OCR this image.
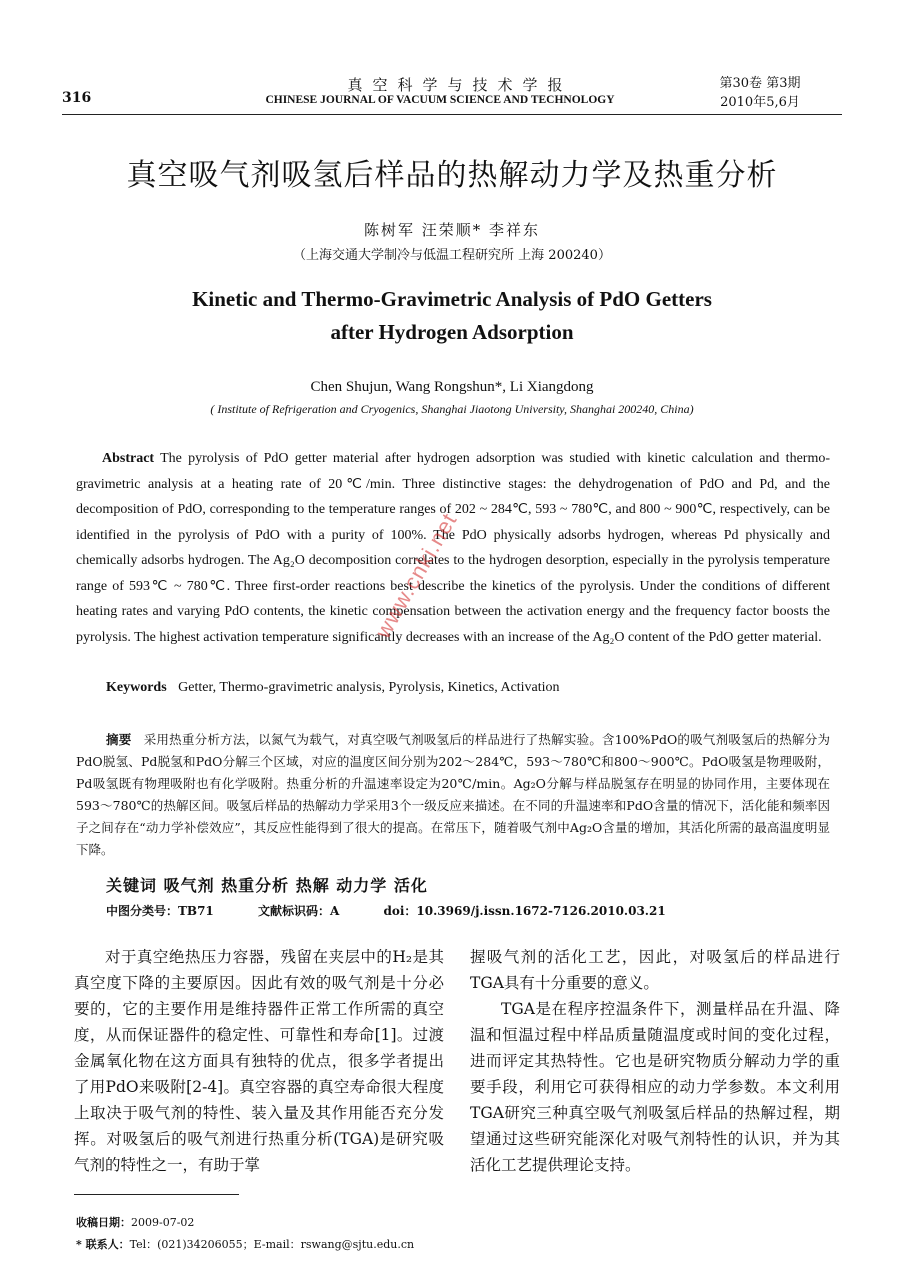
316
真空科学与技术学报
CHINESE JOURNAL OF VACUUM SCIENCE AND TECHNOLOGY
第30卷 第3期
2010年5,6月
真空吸气剂吸氢后样品的热解动力学及热重分析
陈树军 汪荣顺* 李祥东
（上海交通大学制冷与低温工程研究所 上海 200240）
Kinetic and Thermo-Gravimetric Analysis of PdO Getters
after Hydrogen Adsorption
Chen Shujun, Wang Rongshun*, Li Xiangdong
( Institute of Refrigeration and Cryogenics, Shanghai Jiaotong University, Shanghai 200240, China)
Abstract The pyrolysis of PdO getter material after hydrogen adsorption was studied with kinetic calculation and thermo-gravimetric analysis at a heating rate of 20℃/min. Three distinctive stages: the dehydrogenation of PdO and Pd, and the decomposition of PdO, corresponding to the temperature ranges of 202 ~ 284℃, 593 ~ 780℃, and 800 ~ 900℃, respectively, can be identified in the pyrolysis of PdO with a purity of 100%. The PdO physically adsorbs hydrogen, whereas Pd physically and chemically adsorbs hydrogen. The Ag₂O decomposition correlates to the hydrogen desorption, especially in the pyrolysis temperature range of 593℃ ~ 780℃. Three first-order reactions best describe the kinetics of the pyrolysis. Under the conditions of different heating rates and varying PdO contents, the kinetic compensation between the activation energy and the frequency factor boosts the pyrolysis. The highest activation temperature significantly decreases with an increase of the Ag₂O content of the PdO getter material.
Keywords Getter, Thermo-gravimetric analysis, Pyrolysis, Kinetics, Activation
摘要 采用热重分析方法，以氮气为载气，对真空吸气剂吸氢后的样品进行了热解实验。含100%PdO的吸气剂吸氢后的热解分为PdO脱氢、Pd脱氢和PdO分解三个区域，对应的温度区间分别为202～284℃，593～780℃和800～900℃。PdO吸氢是物理吸附，Pd吸氢既有物理吸附也有化学吸附。热重分析的升温速率设定为20℃/min。Ag₂O分解与样品脱氢存在明显的协同作用，主要体现在593～780℃的热解区间。吸氢后样品的热解动力学采用3个一级反应来描述。在不同的升温速率和PdO含量的情况下，活化能和频率因子之间存在“动力学补偿效应”，其反应性能得到了很大的提高。在常压下，随着吸气剂中Ag₂O含量的增加，其活化所需的最高温度明显下降。
关键词 吸气剂 热重分析 热解 动力学 活化
中图分类号：TB71	文献标识码：A	doi：10.3969/j.issn.1672-7126.2010.03.21

对于真空绝热压力容器，残留在夹层中的H₂是其真空度下降的主要原因。因此有效的吸气剂是十分必要的，它的主要作用是维持器件正常工作所需的真空度，从而保证器件的稳定性、可靠性和寿命[1]。过渡金属氧化物在这方面具有独特的优点，很多学者提出了用PdO来吸附[2-4]。真空容器的真空寿命很大程度上取决于吸气剂的特性、装入量及其作用能否充分发挥。对吸氢后的吸气剂进行热重分析(TGA)是研究吸气剂的特性之一，有助于掌

握吸气剂的活化工艺，因此，对吸氢后的样品进行TGA具有十分重要的意义。

TGA是在程序控温条件下，测量样品在升温、降温和恒温过程中样品质量随温度或时间的变化过程，进而评定其热特性。它也是研究物质分解动力学的重要手段，利用它可获得相应的动力学参数。本文利用TGA研究三种真空吸气剂吸氢后样品的热解过程，期望通过这些研究能深化对吸气剂特性的认识，并为其活化工艺提供理论支持。

收稿日期：2009-07-02
* 联系人：Tel：(021)34206055；E-mail：rswang@sjtu.edu.cn
www.cnki.net
